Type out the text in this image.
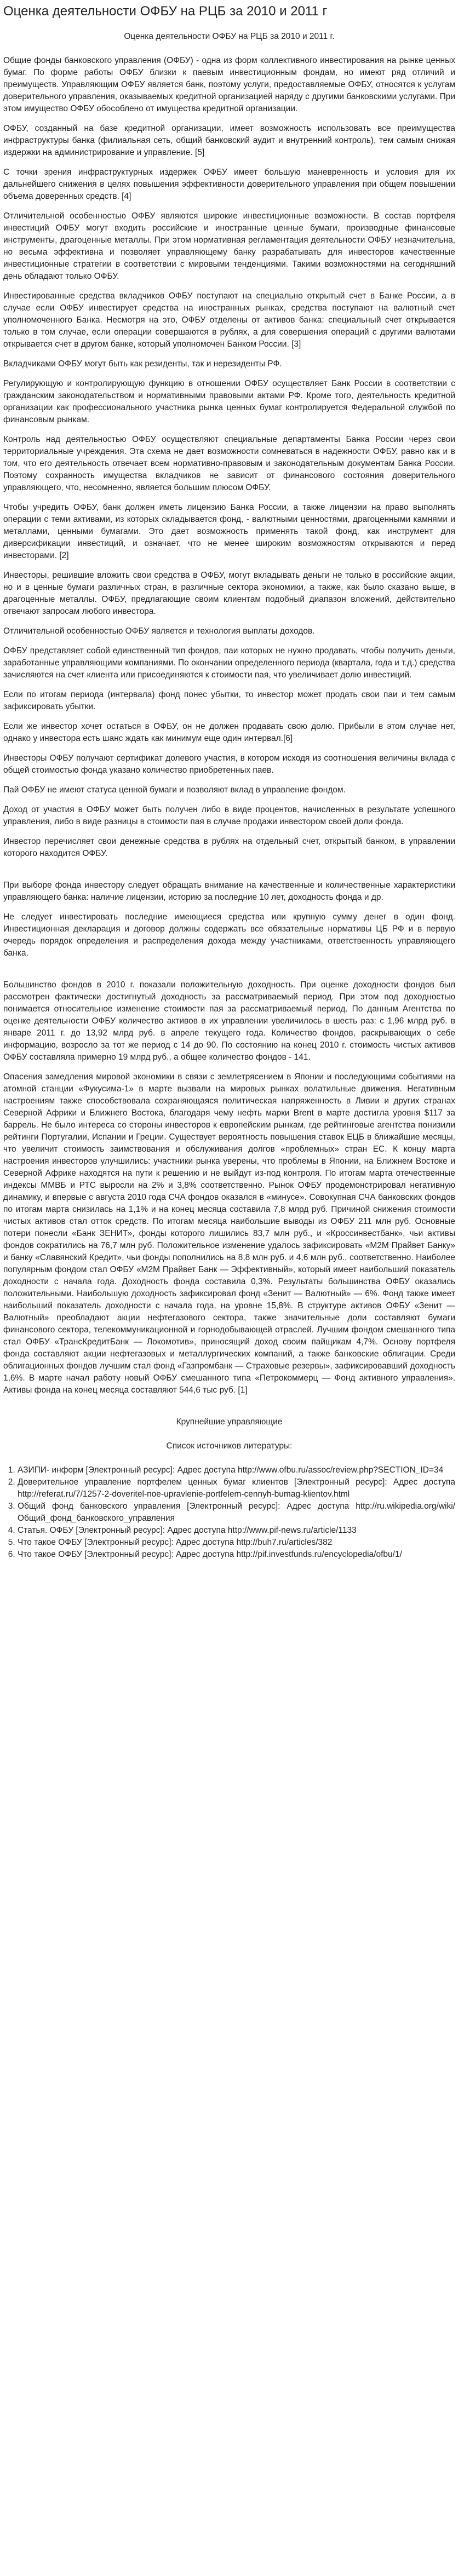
Оценка деятельности ОФБУ на РЦБ за 2010 и 2011 г
Оценка деятельности ОФБУ на РЦБ за 2010 и 2011 г.

Общие фонды банковского управления (ОФБУ) - одна из форм коллективного инвестирования на рынке ценных бумаг. По форме работы ОФБУ близки к паевым инвестиционным фондам, но имеют ряд отличий и преимуществ. Управляющим ОФБУ является банк, поэтому услуги, предоставляемые ОФБУ, относятся к услугам доверительного управления, оказываемых кредитной организацией наряду с другими банковскими услугами. При этом имущество ОФБУ обособлено от имущества кредитной организации.

ОФБУ, созданный на базе кредитной организации, имеет возможность использовать все преимущества инфраструктуры банка (филиальная сеть, общий банковский аудит и внутренний контроль), тем самым снижая издержки на администрирование и управление. [5]

С точки зрения инфраструктурных издержек ОФБУ имеет большую маневренность и условия для их дальнейшего снижения в целях повышения эффективности доверительного управления при общем повышении объема доверенных средств. [4]

Отличительной особенностью ОФБУ являются широкие инвестиционные возможности. В состав портфеля инвестиций ОФБУ могут входить российские и иностранные ценные бумаги, производные финансовые инструменты, драгоценные металлы. При этом нормативная регламентация деятельности ОФБУ незначительна, но весьма эффективна и позволяет управляющему банку разрабатывать для инвесторов качественные инвестиционные стратегии в соответствии с мировыми тенденциями. Такими возможностями на сегодняшний день обладают только ОФБУ.

Инвестированные средства вкладчиков ОФБУ поступают на специально открытый счет в Банке России, а в случае если ОФБУ инвестирует средства на иностранных рынках, средства поступают на валютный счет уполномоченного Банка. Несмотря на это, ОФБУ отделены от активов банка: специальный счет открывается только в том случае, если операции совершаются в рублях, а для совершения операций с другими валютами открывается счет в другом банке, который уполномочен Банком России. [3]

Вкладчиками ОФБУ могут быть как резиденты, так и нерезиденты РФ.

Регулирующую и контролирующую функцию в отношении ОФБУ осуществляет Банк России в соответствии с гражданским законодательством и нормативными правовыми актами РФ. Кроме того, деятельность кредитной организации как профессионального участника рынка ценных бумаг контролируется Федеральной службой по финансовым рынкам.

Контроль над деятельностью ОФБУ осуществляют специальные департаменты Банка России через свои территориальные учреждения. Эта схема не дает возможности сомневаться в надежности ОФБУ, равно как и в том, что его деятельность отвечает всем нормативно-правовым и законодательным документам Банка России. Поэтому сохранность имущества вкладчиков не зависит от финансового состояния доверительного управляющего, что, несомненно, является большим плюсом ОФБУ.

Чтобы учредить ОФБУ, банк должен иметь лицензию Банка России, а также лицензии на право выполнять операции с теми активами, из которых складывается фонд, - валютными ценностями, драгоценными камнями и металлами, ценными бумагами. Это дает возможность применять такой фонд, как инструмент для диверсификации инвестиций, и означает, что не менее широким возможностям открываются и перед инвесторами. [2]

Инвесторы, решившие вложить свои средства в ОФБУ, могут вкладывать деньги не только в российские акции, но и в ценные бумаги различных стран, в различные сектора экономики, а также, как было сказано выше, в драгоценные металлы. ОФБУ, предлагающие своим клиентам подобный диапазон вложений, действительно отвечают запросам любого инвестора.

Отличительной особенностью ОФБУ является и технология выплаты доходов.

ОФБУ представляет собой единственный тип фондов, паи которых не нужно продавать, чтобы получить деньги, заработанные управляющими компаниями. По окончании определенного периода (квартала, года и т.д.) средства зачисляются на счет клиента или присоединяются к стоимости пая, что увеличивает долю инвестиций.

Если по итогам периода (интервала) фонд понес убытки, то инвестор может продать свои паи и тем самым зафиксировать убытки.

Если же инвестор хочет остаться в ОФБУ, он не должен продавать свою долю. Прибыли в этом случае нет, однако у инвестора есть шанс ждать как минимум еще один интервал.[6]

Инвесторы ОФБУ получают сертификат долевого участия, в котором исходя из соотношения величины вклада с общей стоимостью фонда указано количество приобретенных паев.

Пай ОФБУ не имеют статуса ценной бумаги и позволяют вклад в управление фондом.

Доход от участия в ОФБУ может быть получен либо в виде процентов, начисленных в результате успешного управления, либо в виде разницы в стоимости пая в случае продажи инвестором своей доли фонда.

Инвестор перечисляет свои денежные средства в рублях на отдельный счет, открытый банком, в управлении которого находится ОФБУ.

При выборе фонда инвестору следует обращать внимание на качественные и количественные характеристики управляющего банка: наличие лицензии, историю за последние 10 лет, доходность фонда и др.

Не следует инвестировать последние имеющиеся средства или крупную сумму денег в один фонд. Инвестиционная декларация и договор должны содержать все обязательные нормативы ЦБ РФ и в первую очередь порядок определения и распределения дохода между участниками, ответственность управляющего банка.

Большинство фондов в 2010 г. показали положительную доходность. При оценке доходности фондов был рассмотрен фактически достигнутый доходность за рассматриваемый период. При этом под доходностью понимается относительное изменение стоимости пая за рассматриваемый период. По данным Агентства по оценке деятельности ОФБУ количество активов в их управлении увеличилось в шесть раз: с 1,96 млрд руб. в январе 2011 г. до 13,92 млрд руб. в апреле текущего года. Количество фондов, раскрывающих о себе информацию, возросло за тот же период с 14 до 90. По состоянию на конец 2010 г. стоимость чистых активов ОФБУ составляла примерно 19 млрд руб., а общее количество фондов - 141.

Опасения замедления мировой экономики в связи с землетрясением в Японии и последующими событиями на атомной станции «Фукусима-1» в марте вызвали на мировых рынках волатильные движения. Негативным настроениям также способствовала сохраняющаяся политическая напряженность в Ливии и других странах Северной Африки и Ближнего Востока, благодаря чему нефть марки Brent в марте достигла уровня $117 за баррель. Не было интереса со стороны инвесторов к европейским рынкам, где рейтинговые агентства понизили рейтинги Португалии, Испании и Греции. Существует вероятность повышения ставок ЕЦБ в ближайшие месяцы, что увеличит стоимость заимствования и обслуживания долгов «проблемных» стран ЕС. К концу марта настроения инвесторов улучшились: участники рынка уверены, что проблемы в Японии, на Ближнем Востоке и Северной Африке находятся на пути к решению и не выйдут из-под контроля. По итогам марта отечественные индексы ММВБ и РТС выросли на 2% и 3,8% соответственно. Рынок ОФБУ продемонстрировал негативную динамику, и впервые с августа 2010 года СЧА фондов оказался в «минусе». Совокупная СЧА банковских фондов по итогам марта снизилась на 1,1% и на конец месяца составила 7,8 млрд руб. Причиной снижения стоимости чистых активов стал отток средств. По итогам месяца наибольшие выводы из ОФБУ 211 млн руб. Основные потери понесли «Банк ЗЕНИТ», фонды которого лишились 83,7 млн руб., и «Кроссинвестбанк», чьи активы фондов сократились на 76,7 млн руб. Положительное изменение удалось зафиксировать «М2М Прайвет Банку» и банку «Славянский Кредит», чьи фонды пополнились на 8,8 млн руб. и 4,6 млн руб., соответственно. Наиболее популярным фондом стал ОФБУ «М2М Прайвет Банк — Эффективный», который имеет наибольший показатель доходности с начала года. Доходность фонда составила 0,3%. Результаты большинства ОФБУ оказались положительными. Наибольшую доходность зафиксировал фонд «Зенит — Валютный» — 6%. Фонд также имеет наибольший показатель доходности с начала года, на уровне 15,8%. В структуре активов ОФБУ «Зенит — Валютный» преобладают акции нефтегазового сектора, также значительные доли составляют бумаги финансового сектора, телекоммуникационной и горнодобывающей отраслей. Лучшим фондом смешанного типа стал ОФБУ «ТрансКредитБанк — Локомотив», приносящий доход своим пайщикам 4,7%. Основу портфеля фонда составляют акции нефтегазовых и металлургических компаний, а также банковские облигации. Среди облигационных фондов лучшим стал фонд «Газпромбанк — Страховые резервы», зафиксировавший доходность 1,6%. В марте начал работу новый ОФБУ смешанного типа «Петрокоммерц — Фонд активного управления». Активы фонда на конец месяца составляют 544,6 тыс руб. [1]

Крупнейшие управляющие
Список источников литературы:
1. АЗИПИ- информ [Электронный ресурс]: Адрес доступа http://www.ofbu.ru/assoc/review.php?SECTION_ID=34
2. Доверительное управление портфелем ценных бумаг клиентов [Электронный ресурс]: Адрес доступа http://referat.ru/7/1257-2-doveritel-noe-upravlenie-portfelem-cennyh-bumag-klientov.html
3. Общий фонд банковского управления [Электронный ресурс]: Адрес доступа http://ru.wikipedia.org/wiki/Общий_фонд_банковского_управления
4. Статья. ОФБУ [Электронный ресурс]: Адрес доступа http://www.pif-news.ru/article/1133
5. Что такое ОФБУ [Электронный ресурс]: Адрес доступа http://buh7.ru/articles/382
6. Что такое ОФБУ [Электронный ресурс]: Адрес доступа http://pif.investfunds.ru/encyclopedia/ofbu/1/
